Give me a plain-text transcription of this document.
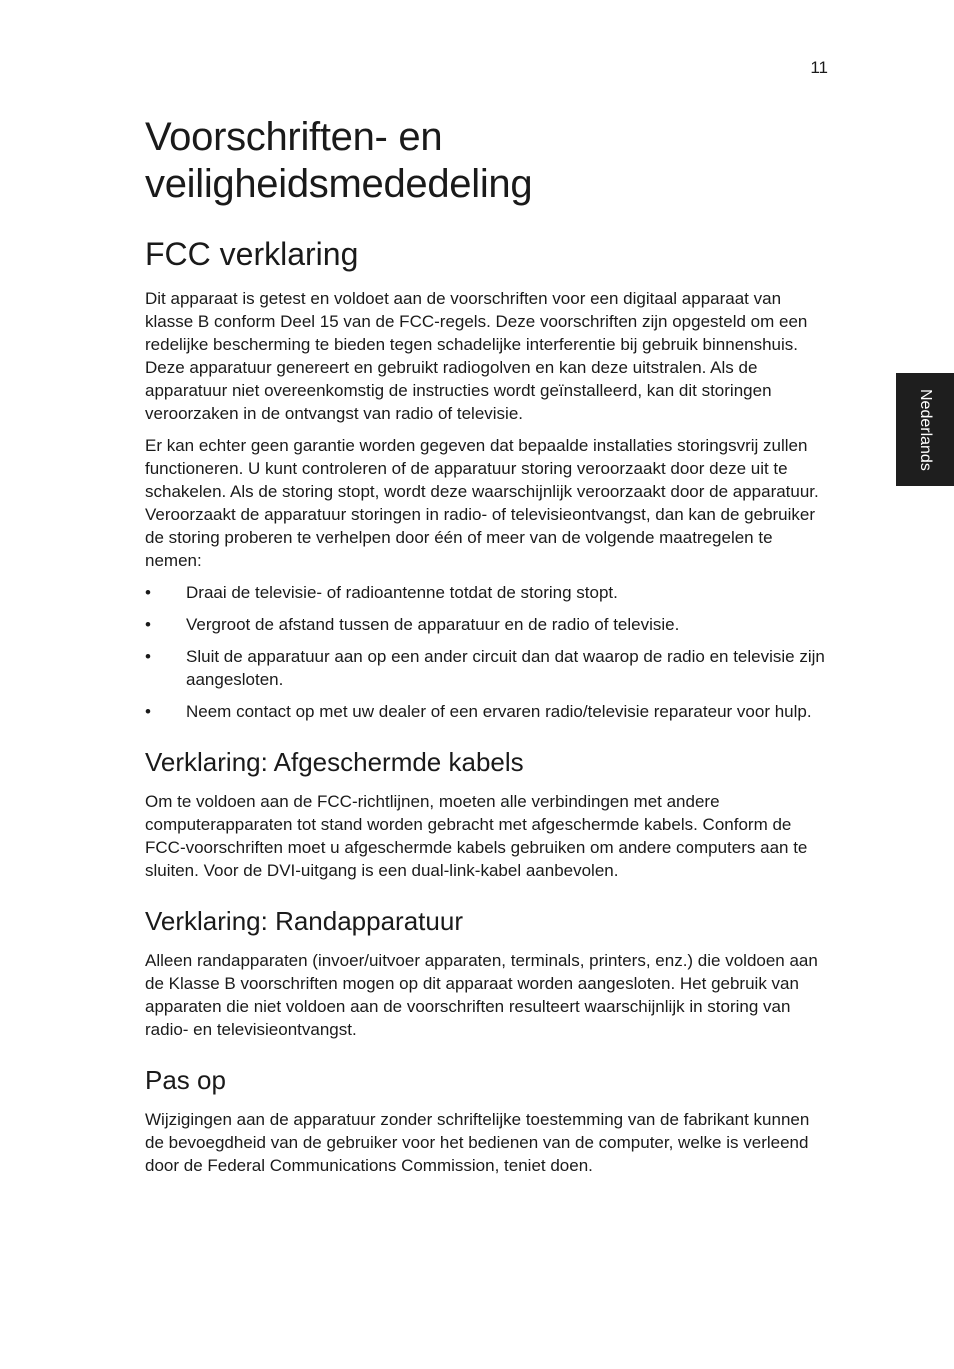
11
Nederlands
Voorschriften- en
veiligheidsmededeling
FCC verklaring

Dit apparaat is getest en voldoet aan de voorschriften voor een digitaal apparaat van klasse B conform Deel 15 van de FCC-regels. Deze voorschriften zijn opgesteld om een redelijke bescherming te bieden tegen schadelijke interferentie bij gebruik binnenshuis. Deze apparatuur genereert en gebruikt radiogolven en kan deze uitstralen. Als de apparatuur niet overeenkomstig de instructies wordt geïnstalleerd, kan dit storingen veroorzaken in de ontvangst van radio of televisie.

Er kan echter geen garantie worden gegeven dat bepaalde installaties storingsvrij zullen functioneren. U kunt controleren of de apparatuur storing veroorzaakt door deze uit te schakelen. Als de storing stopt, wordt deze waarschijnlijk veroorzaakt door de apparatuur. Veroorzaakt de apparatuur storingen in radio- of televisieontvangst, dan kan de gebruiker de storing proberen te verhelpen door één of meer van de volgende maatregelen te nemen:

• Draai de televisie- of radioantenne totdat de storing stopt.
• Vergroot de afstand tussen de apparatuur en de radio of televisie.
• Sluit de apparatuur aan op een ander circuit dan dat waarop de radio en televisie zijn aangesloten.
• Neem contact op met uw dealer of een ervaren radio/televisie reparateur voor hulp.
Verklaring: Afgeschermde kabels

Om te voldoen aan de FCC-richtlijnen, moeten alle verbindingen met andere computerapparaten tot stand worden gebracht met afgeschermde kabels. Conform de FCC-voorschriften moet u afgeschermde kabels gebruiken om andere computers aan te sluiten. Voor de DVI-uitgang is een dual-link-kabel aanbevolen.

Verklaring: Randapparatuur

Alleen randapparaten (invoer/uitvoer apparaten, terminals, printers, enz.) die voldoen aan de Klasse B voorschriften mogen op dit apparaat worden aangesloten. Het gebruik van apparaten die niet voldoen aan de voorschriften resulteert waarschijnlijk in storing van radio- en televisieontvangst.

Pas op

Wijzigingen aan de apparatuur zonder schriftelijke toestemming van de fabrikant kunnen de bevoegdheid van de gebruiker voor het bedienen van de computer, welke is verleend door de Federal Communications Commission, teniet doen.
